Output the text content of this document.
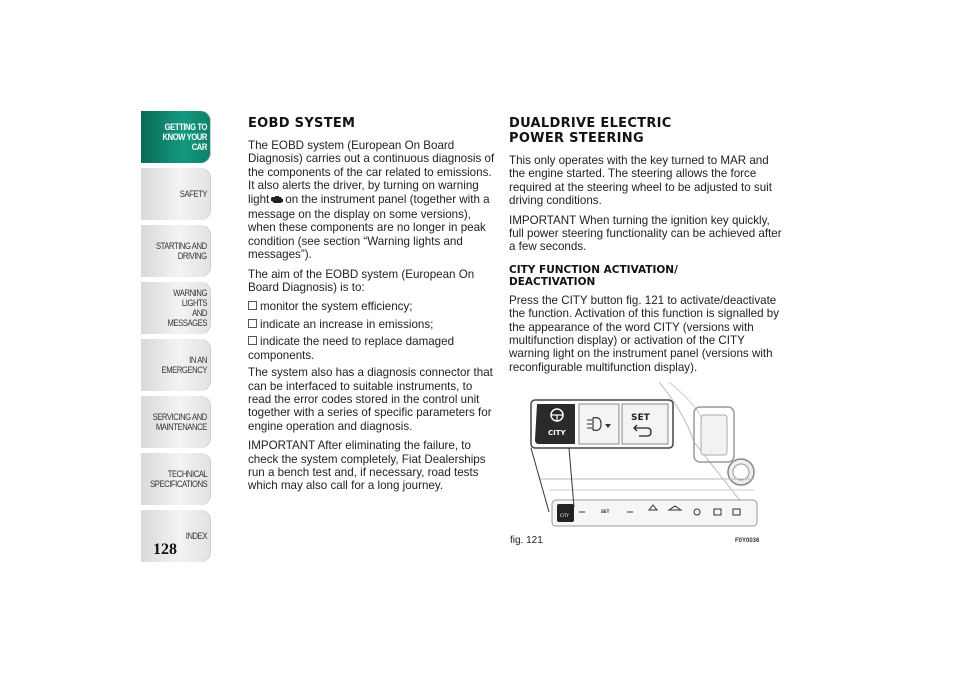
GETTING TO
KNOW YOUR CAR
SAFETY
STARTING AND
DRIVING
WARNING LIGHTS
AND MESSAGES
IN AN EMERGENCY
SERVICING AND
MAINTENANCE
TECHNICAL
SPECIFICATIONS
INDEX
128
EOBD SYSTEM

The EOBD system (European On Board Diagnosis) carries out a continuous diagnosis of the components of the car related to emissions. It also alerts the driver, by turning on warning light on the instrument panel (together with a message on the display on some versions), when these components are no longer in peak condition (see section “Warning lights and messages”).

The aim of the EOBD system (European On Board Diagnosis) is to:

monitor the system efficiency;
indicate an increase in emissions;
indicate the need to replace damaged components.

The system also has a diagnosis connector that can be interfaced to suitable instruments, to read the error codes stored in the control unit together with a series of specific parameters for engine operation and diagnosis.

IMPORTANT After eliminating the failure, to check the system completely, Fiat Dealerships run a bench test and, if necessary, road tests which may also call for a long journey.

DUALDRIVE ELECTRIC
POWER STEERING

This only operates with the key turned to MAR and the engine started. The steering allows the force required at the steering wheel to be adjusted to suit driving conditions.

IMPORTANT When turning the ignition key quickly, full power steering functionality can be achieved after a few seconds.

CITY FUNCTION ACTIVATION/
DEACTIVATION

Press the CITY button fig. 121 to activate/deactivate the function. Activation of this function is signalled by the appearance of the word CITY (versions with multifunction display) or activation of the CITY warning light on the instrument panel (versions with reconfigurable multifunction display).

CITY
SET
CITY
SET
fig. 121	F0Y0036
